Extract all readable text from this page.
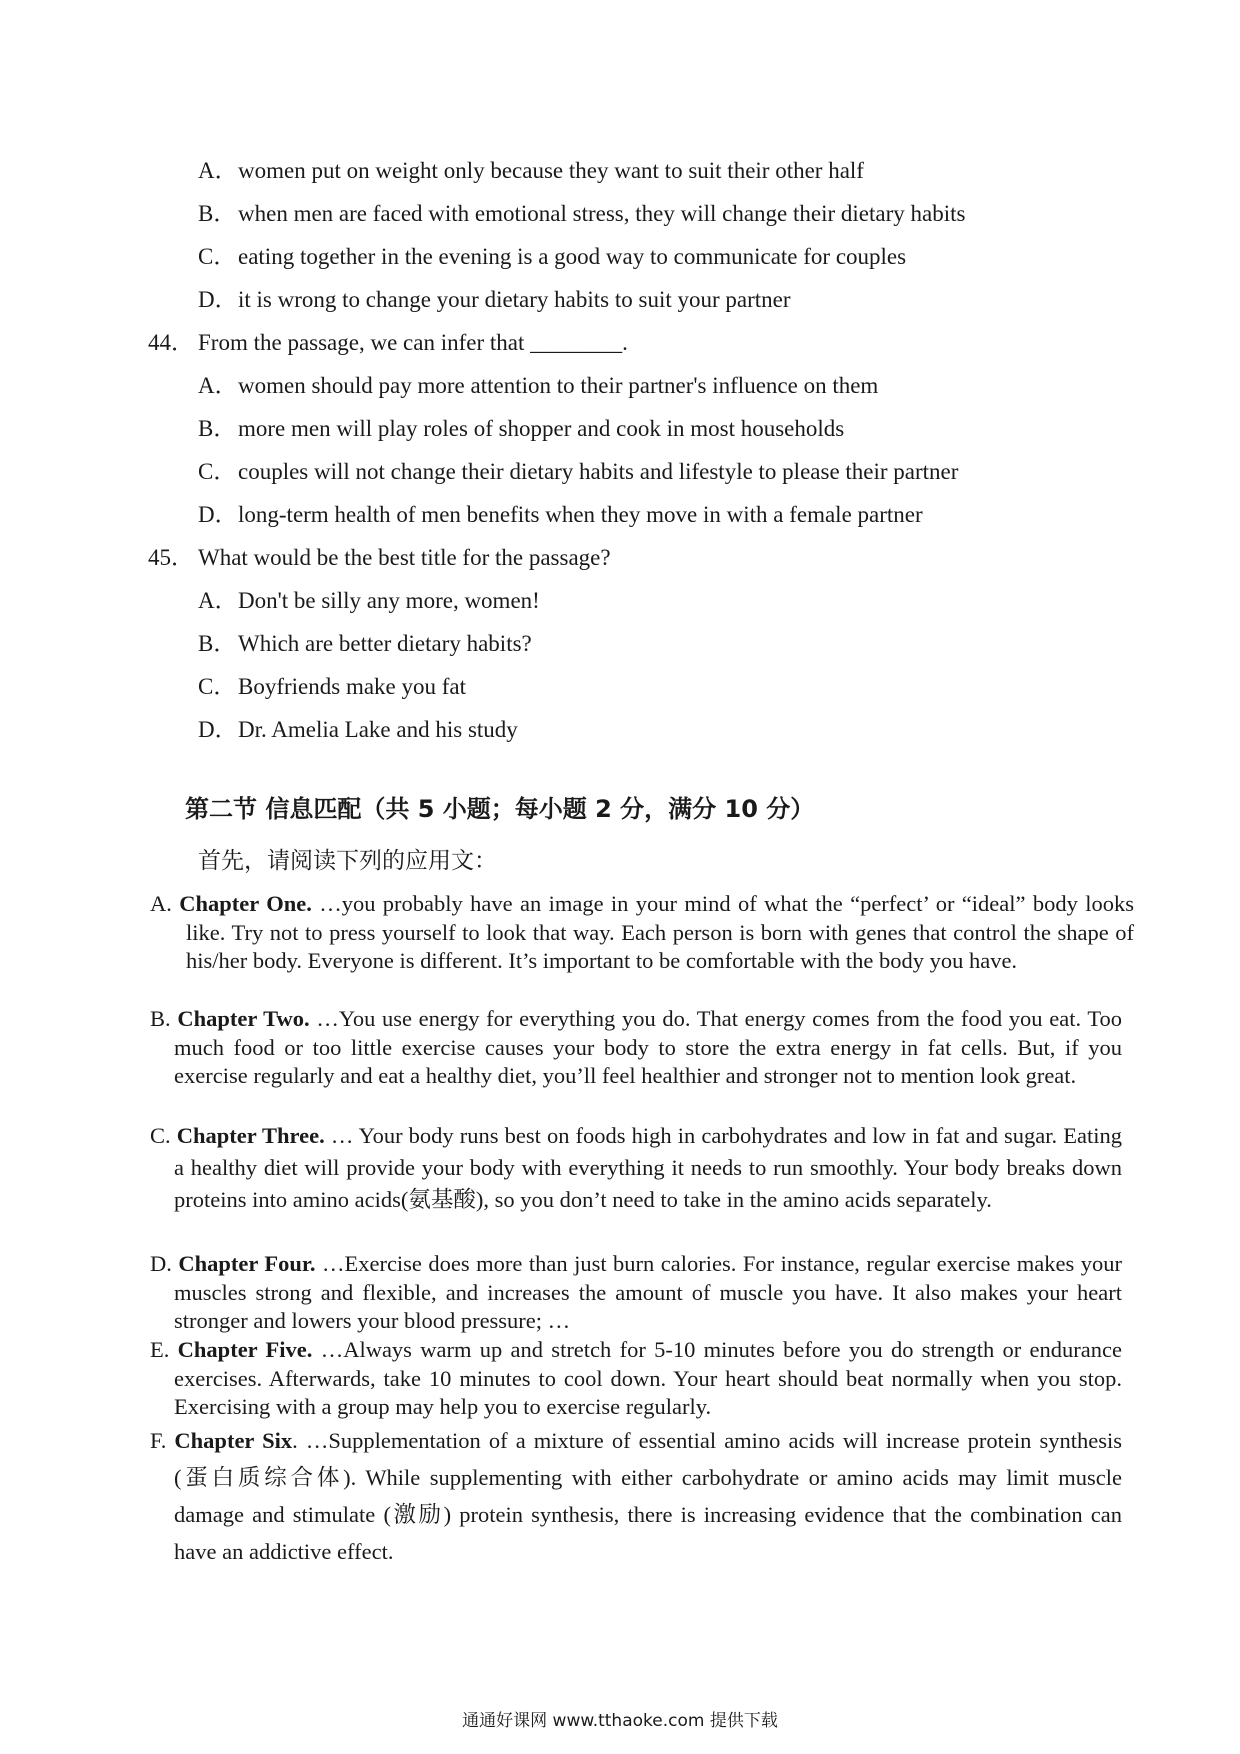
A．women put on weight only because they want to suit their other half
B．when men are faced with emotional stress, they will change their dietary habits
C．eating together in the evening is a good way to communicate for couples
D．it is wrong to change your dietary habits to suit your partner
44． From the passage, we can infer that ________.
A．women should pay more attention to their partner's influence on them
B．more men will play roles of shopper and cook in most households
C．couples will not change their dietary habits and lifestyle to please their partner
D．long-term health of men benefits when they move in with a female partner
45． What would be the best title for the passage?
A．Don't be silly any more, women!
B．Which are better dietary habits?
C．Boyfriends make you fat
D．Dr. Amelia Lake and his study
第二节 信息匹配（共 5 小题；每小题 2 分，满分 10 分）
首先，请阅读下列的应用文：
A. Chapter One. …you probably have an image in your mind of what the “perfect’ or “ideal” body looks like. Try not to press yourself to look that way. Each person is born with genes that control the shape of his/her body. Everyone is different. It’s important to be comfortable with the body you have.
B. Chapter Two. …You use energy for everything you do. That energy comes from the food you eat. Too much food or too little exercise causes your body to store the extra energy in fat cells. But, if you exercise regularly and eat a healthy diet, you’ll feel healthier and stronger not to mention look great.
C. Chapter Three. … Your body runs best on foods high in carbohydrates and low in fat and sugar. Eating a healthy diet will provide your body with everything it needs to run smoothly. Your body breaks down proteins into amino acids(氨基酸), so you don’t need to take in the amino acids separately.
D. Chapter Four. …Exercise does more than just burn calories. For instance, regular exercise makes your muscles strong and flexible, and increases the amount of muscle you have. It also makes your heart stronger and lowers your blood pressure; …
E. Chapter Five. …Always warm up and stretch for 5-10 minutes before you do strength or endurance exercises. Afterwards, take 10 minutes to cool down. Your heart should beat normally when you stop. Exercising with a group may help you to exercise regularly.
F. Chapter Six. …Supplementation of a mixture of essential amino acids will increase protein synthesis (蛋白质综合体). While supplementing with either carbohydrate or amino acids may limit muscle damage and stimulate (激励) protein synthesis, there is increasing evidence that the combination can have an addictive effect.
通通好课网 www.tthaoke.com 提供下载
